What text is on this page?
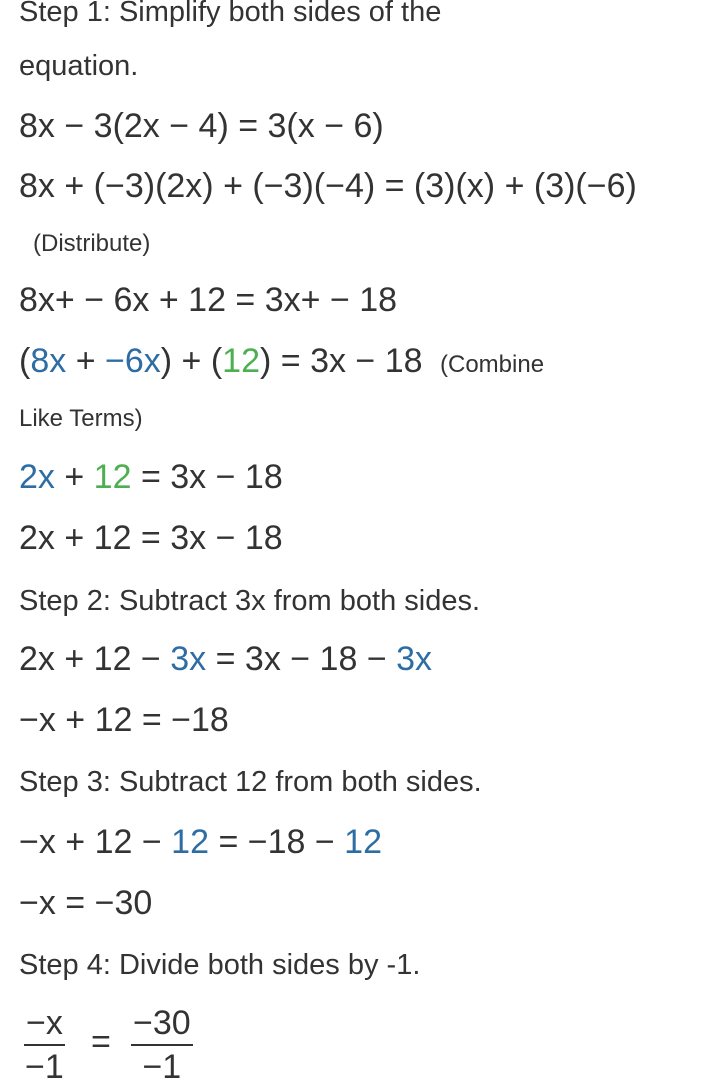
Step 1: Simplify both sides of the
equation.
8x − 3(2x − 4) = 3(x − 6)
8x + (−3)(2x) + (−3)(−4) = (3)(x) + (3)(−6)
(Distribute)
8x+ − 6x + 12 = 3x+ − 18
(8x + −6x) + (12) = 3x − 18 (Combine
Like Terms)
2x + 12 = 3x − 18
2x + 12 = 3x − 18
Step 2: Subtract 3x from both sides.
2x + 12 − 3x = 3x − 18 − 3x
−x + 12 = −18
Step 3: Subtract 12 from both sides.
−x + 12 − 12 = −18 − 12
−x = −30
Step 4: Divide both sides by -1.
$\frac{-x}{-1} = \frac{-30}{-1}$
